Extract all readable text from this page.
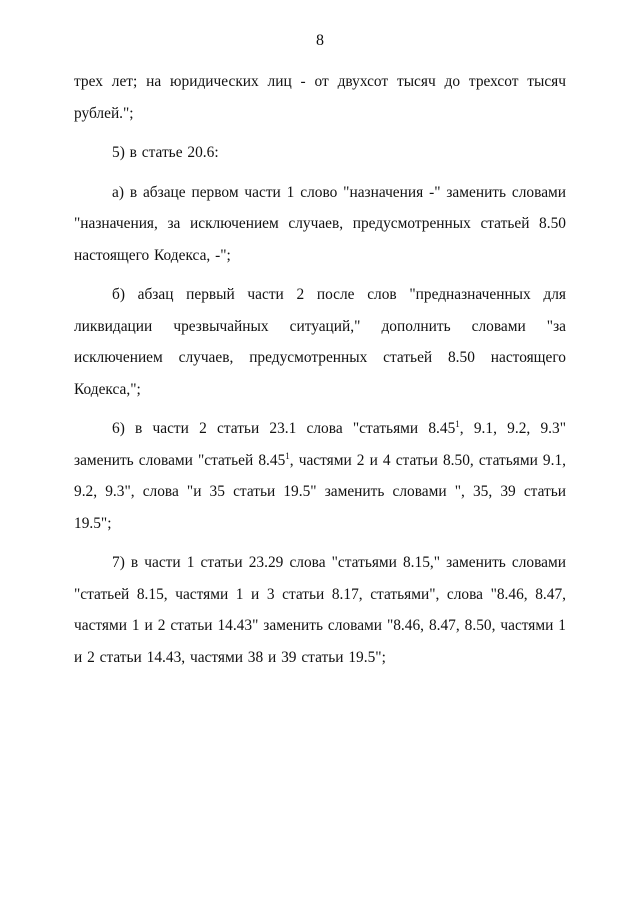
8

трех лет; на юридических лиц - от двухсот тысяч до трехсот тысяч рублей.";

5) в статье 20.6:

а) в абзаце первом части 1 слово "назначения -" заменить словами "назначения, за исключением случаев, предусмотренных статьей 8.50 настоящего Кодекса, -";

б) абзац первый части 2 после слов "предназначенных для ликвидации чрезвычайных ситуаций," дополнить словами "за исключением случаев, предусмотренных статьей 8.50 настоящего Кодекса,";

6) в части 2 статьи 23.1 слова "статьями 8.45$^1$, 9.1, 9.2, 9.3" заменить словами "статьей 8.45$^1$, частями 2 и 4 статьи 8.50, статьями 9.1, 9.2, 9.3", слова "и 35 статьи 19.5" заменить словами ", 35, 39 статьи 19.5";

7) в части 1 статьи 23.29 слова "статьями 8.15," заменить словами "статьей 8.15, частями 1 и 3 статьи 8.17, статьями", слова "8.46, 8.47, частями 1 и 2 статьи 14.43" заменить словами "8.46, 8.47, 8.50, частями 1 и 2 статьи 14.43, частями 38 и 39 статьи 19.5";
